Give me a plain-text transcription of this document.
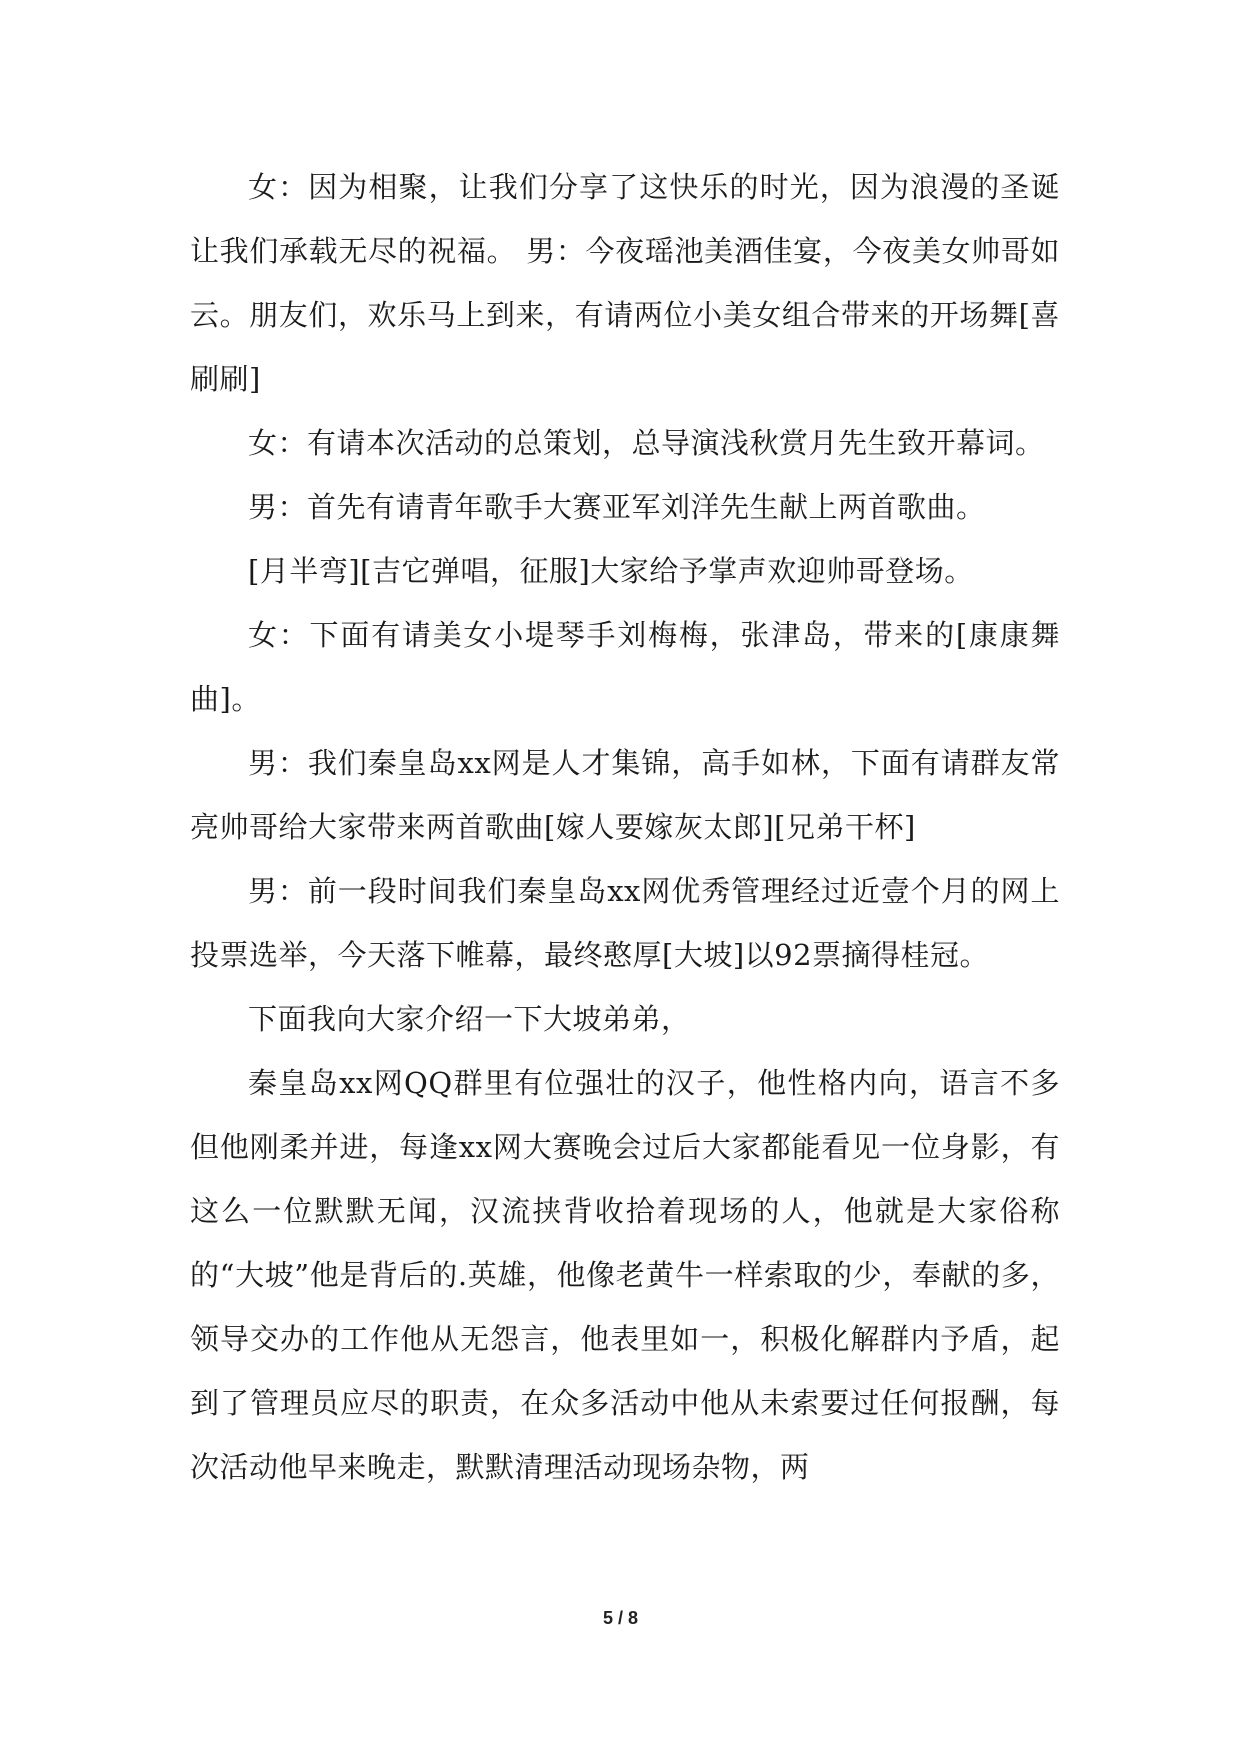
女：因为相聚，让我们分享了这快乐的时光，因为浪漫的圣诞让我们承载无尽的祝福。 男：今夜瑶池美酒佳宴，今夜美女帅哥如云。朋友们，欢乐马上到来，有请两位小美女组合带来的开场舞[喜刷刷]

女：有请本次活动的总策划，总导演浅秋赏月先生致开幕词。

男：首先有请青年歌手大赛亚军刘洋先生献上两首歌曲。

[月半弯][吉它弹唱，征服]大家给予掌声欢迎帅哥登场。

女：下面有请美女小堤琴手刘梅梅，张津岛，带来的[康康舞曲]。

男：我们秦皇岛xx网是人才集锦，高手如林，下面有请群友常亮帅哥给大家带来两首歌曲[嫁人要嫁灰太郎][兄弟干杯]

男：前一段时间我们秦皇岛xx网优秀管理经过近壹个月的网上投票选举，今天落下帷幕，最终憨厚[大坡]以92票摘得桂冠。

下面我向大家介绍一下大坡弟弟，

秦皇岛xx网QQ群里有位强壮的汉子，他性格内向，语言不多但他刚柔并进，每逢xx网大赛晚会过后大家都能看见一位身影，有这么一位默默无闻，汉流挟背收拾着现场的人，他就是大家俗称的“大坡”他是背后的.英雄，他像老黄牛一样索取的少，奉献的多，领导交办的工作他从无怨言，他表里如一，积极化解群内予盾，起到了管理员应尽的职责，在众多活动中他从未索要过任何报酬，每次活动他早来晚走，默默清理活动现场杂物，两

5 / 8
